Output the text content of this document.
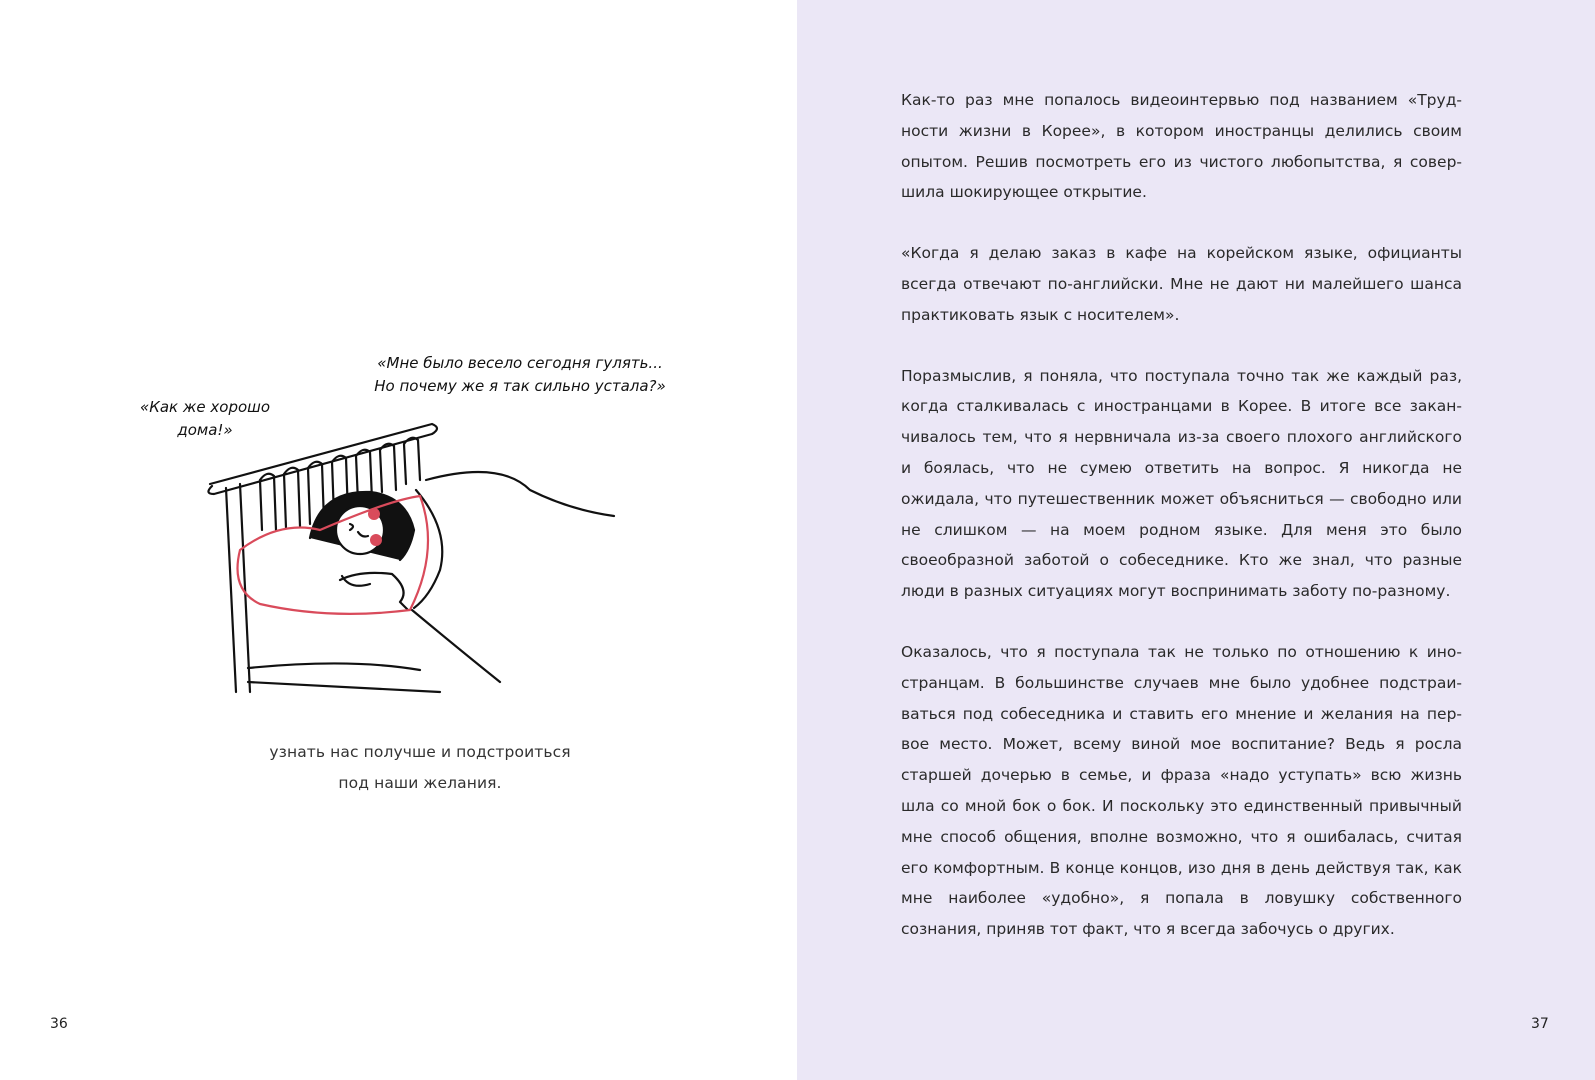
«Мне было весело сегодня гулять...
Но почему же я так сильно устала?»
«Как же хорошо
дома!»
узнать нас получше и подстроиться
под наши желания.
36	37

Как-то раз мне попалось видеоинтервью под названием «Трудности жизни в Корее», в котором иностранцы делились своим опытом. Решив посмотреть его из чистого любопытства, я совершила шокирующее открытие.

«Когда я делаю заказ в кафе на корейском языке, официанты всегда отвечают по-английски. Мне не дают ни малейшего шанса практиковать язык с носителем».

Поразмыслив, я поняла, что поступала точно так же каждый раз, когда сталкивалась с иностранцами в Корее. В итоге все заканчивалось тем, что я нервничала из-за своего плохого английского и боялась, что не сумею ответить на вопрос. Я никогда не ожидала, что путешественник может объясниться — свободно или не слишком — на моем родном языке. Для меня это было своеобразной заботой о собеседнике. Кто же знал, что разные люди в разных ситуациях могут воспринимать заботу по-разному.

Оказалось, что я поступала так не только по отношению к иностранцам. В большинстве случаев мне было удобнее подстраиваться под собеседника и ставить его мнение и желания на первое место. Может, всему виной мое воспитание? Ведь я росла старшей дочерью в семье, и фраза «надо уступать» всю жизнь шла со мной бок о бок. И поскольку это единственный привычный мне способ общения, вполне возможно, что я ошибалась, считая его комфортным. В конце концов, изо дня в день действуя так, как мне наиболее «удобно», я попала в ловушку собственного сознания, приняв тот факт, что я всегда забочусь о других.
